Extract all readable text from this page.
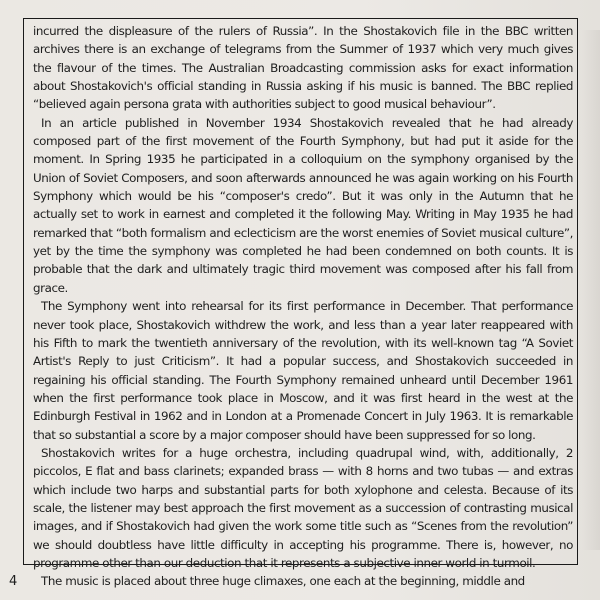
incurred the displeasure of the rulers of Russia”. In the Shostakovich file in the BBC written archives there is an exchange of telegrams from the Summer of 1937 which very much gives the flavour of the times. The Australian Broadcasting commission asks for exact information about Shostakovich's official standing in Russia asking if his music is banned. The BBC replied “believed again persona grata with authorities subject to good musical behaviour”.

In an article published in November 1934 Shostakovich revealed that he had already composed part of the first movement of the Fourth Symphony, but had put it aside for the moment. In Spring 1935 he participated in a colloquium on the symphony organised by the Union of Soviet Composers, and soon afterwards announced he was again working on his Fourth Symphony which would be his “composer's credo”. But it was only in the Autumn that he actually set to work in earnest and completed it the following May. Writing in May 1935 he had remarked that “both formalism and eclecticism are the worst enemies of Soviet musical culture”, yet by the time the symphony was completed he had been condemned on both counts. It is probable that the dark and ultimately tragic third movement was composed after his fall from grace.

The Symphony went into rehearsal for its first performance in December. That performance never took place, Shostakovich withdrew the work, and less than a year later reappeared with his Fifth to mark the twentieth anniversary of the revolution, with its well-known tag “A Soviet Artist's Reply to just Criticism”. It had a popular success, and Shostakovich succeeded in regaining his official standing. The Fourth Symphony remained unheard until December 1961 when the first performance took place in Moscow, and it was first heard in the west at the Edinburgh Festival in 1962 and in London at a Promenade Concert in July 1963. It is remarkable that so substantial a score by a major composer should have been suppressed for so long.

Shostakovich writes for a huge orchestra, including quadrupal wind, with, additionally, 2 piccolos, E flat and bass clarinets; expanded brass — with 8 horns and two tubas — and extras which include two harps and substantial parts for both xylophone and celesta. Because of its scale, the listener may best approach the first movement as a succession of contrasting musical images, and if Shostakovich had given the work some title such as “Scenes from the revolution” we should doubtless have little difficulty in accepting his programme. There is, however, no programme other than our deduction that it represents a subjective inner world in turmoil.

The music is placed about three huge climaxes, one each at the beginning, middle and

4
